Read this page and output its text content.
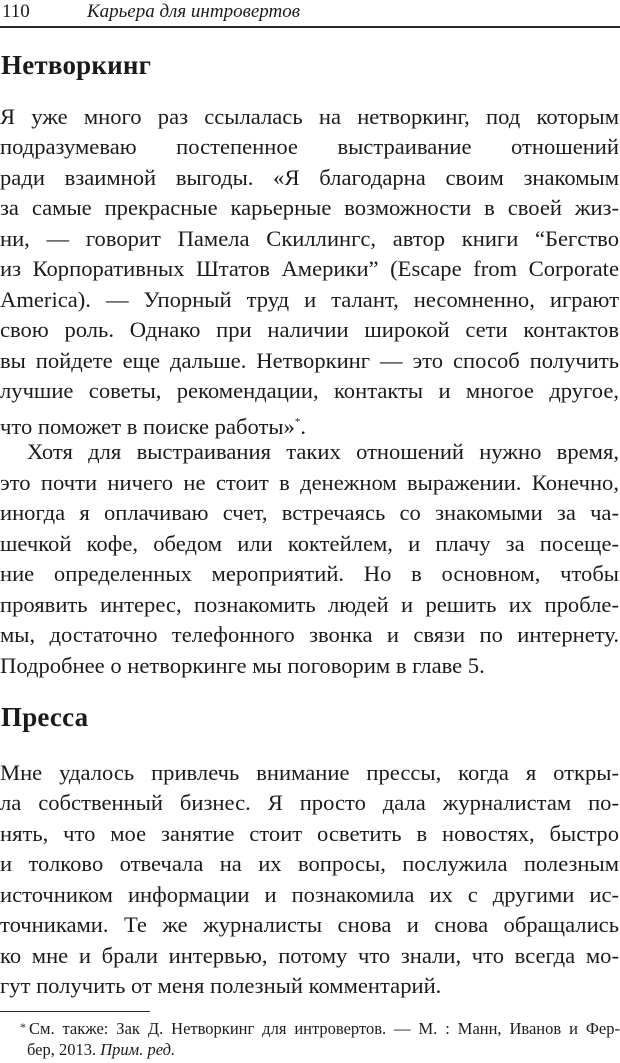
110	Карьера для интровертов
Нетворкинг
Я уже много раз ссылалась на нетворкинг, под которым
подразумеваю постепенное выстраивание отношений
ради взаимной выгоды. «Я благодарна своим знакомым
за самые прекрасные карьерные возможности в своей жиз-
ни, — говорит Памела Скиллингс, автор книги “Бегство
из Корпоративных Штатов Америки” (Escape from Corporate
America). — Упорный труд и талант, несомненно, играют
свою роль. Однако при наличии широкой сети контактов
вы пойдете еще дальше. Нетворкинг — это способ получить
лучшие советы, рекомендации, контакты и многое другое,
что поможет в поиске работы»*.
Хотя для выстраивания таких отношений нужно время,
это почти ничего не стоит в денежном выражении. Конечно,
иногда я оплачиваю счет, встречаясь со знакомыми за ча-
шечкой кофе, обедом или коктейлем, и плачу за посеще-
ние определенных мероприятий. Но в основном, чтобы
проявить интерес, познакомить людей и решить их пробле-
мы, достаточно телефонного звонка и связи по интернету.
Подробнее о нетворкинге мы поговорим в главе 5.
Пресса
Мне удалось привлечь внимание прессы, когда я откры-
ла собственный бизнес. Я просто дала журналистам по-
нять, что мое занятие стоит осветить в новостях, быстро
и толково отвечала на их вопросы, послужила полезным
источником информации и познакомила их с другими ис-
точниками. Те же журналисты снова и снова обращались
ко мне и брали интервью, потому что знали, что всегда мо-
гут получить от меня полезный комментарий.
* См. также: Зак Д. Нетворкинг для интровертов. — М. : Манн, Иванов и Фер-
бер, 2013. Прим. ред.
